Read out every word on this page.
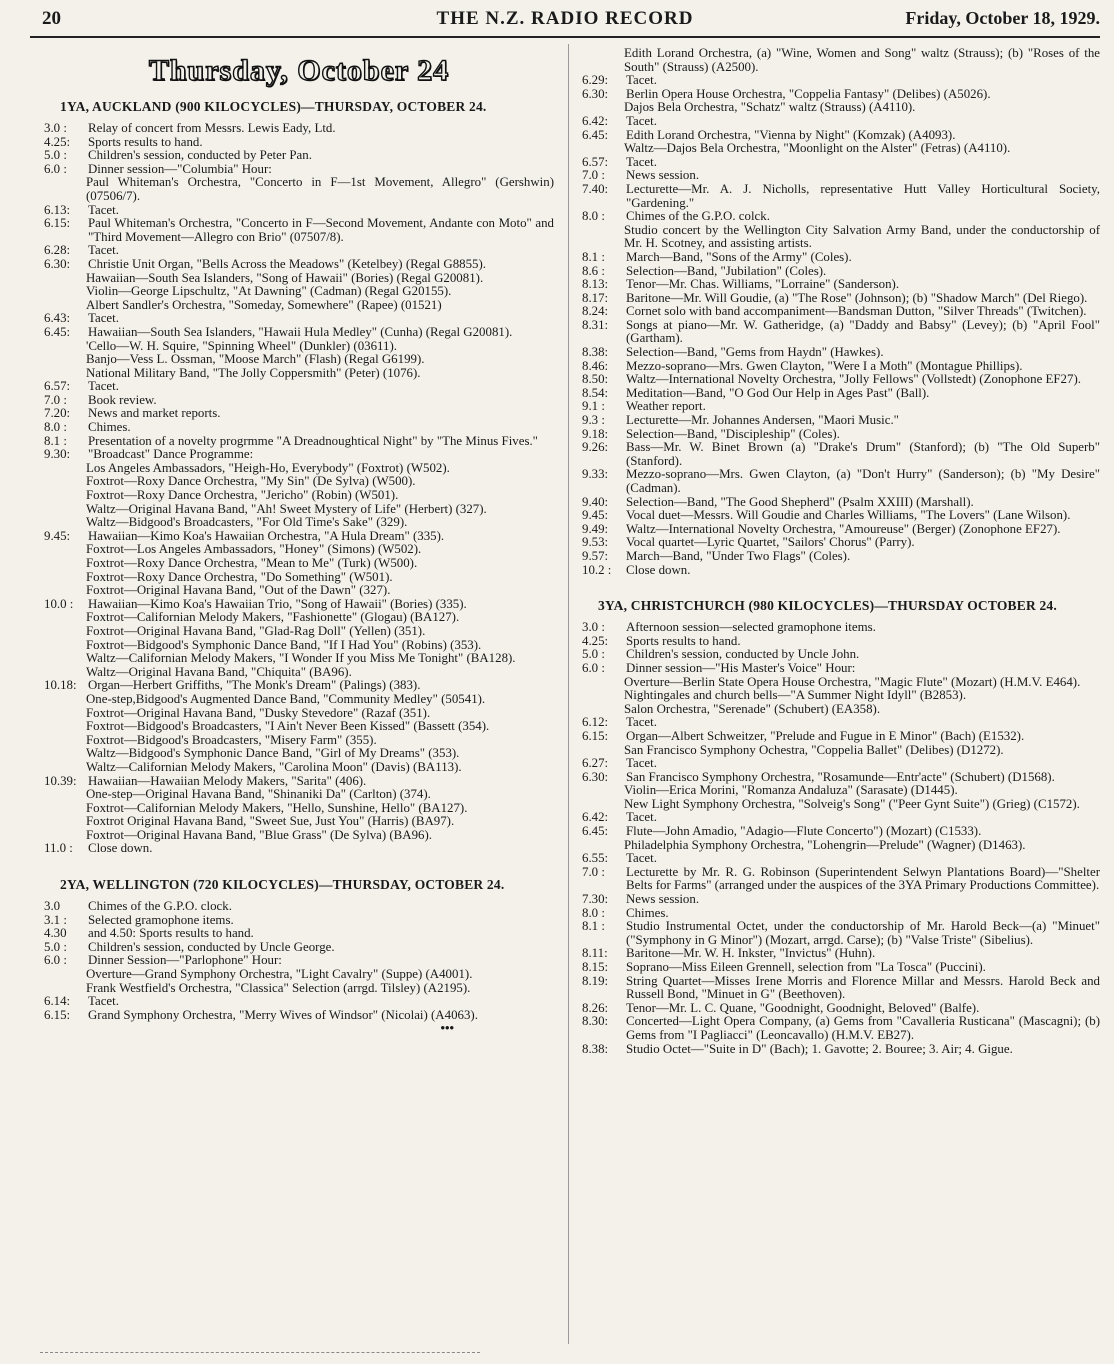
20	THE N.Z. RADIO RECORD	Friday, October 18, 1929.
Thursday, October 24
1YA, AUCKLAND (900 KILOCYCLES)—THURSDAY, OCTOBER 24.
3.0 :	Relay of concert from Messrs. Lewis Eady, Ltd.
4.25:	Sports results to hand.
5.0 :	Children's session, conducted by Peter Pan.
6.0 :	Dinner session—"Columbia" Hour:
Paul Whiteman's Orchestra, "Concerto in F—1st Movement, Allegro" (Gershwin) (07506/7).
6.13:	Tacet.
6.15:	Paul Whiteman's Orchestra, "Concerto in F—Second Movement, Andante con Moto" and "Third Movement—Allegro con Brio" (07507/8).
6.28:	Tacet.
6.30:	Christie Unit Organ, "Bells Across the Meadows" (Ketelbey) (Regal G8855).
Hawaiian—South Sea Islanders, "Song of Hawaii" (Bories) (Regal G20081).
Violin—George Lipschultz, "At Dawning" (Cadman) (Regal G20155).
Albert Sandler's Orchestra, "Someday, Somewhere" (Rapee) (01521)
6.43:	Tacet.
6.45:	Hawaiian—South Sea Islanders, "Hawaii Hula Medley" (Cunha) (Regal G20081).
'Cello—W. H. Squire, "Spinning Wheel" (Dunkler) (03611).
Banjo—Vess L. Ossman, "Moose March" (Flash) (Regal G6199).
National Military Band, "The Jolly Coppersmith" (Peter) (1076).
6.57:	Tacet.
7.0 :	Book review.
7.20:	News and market reports.
8.0 :	Chimes.
8.1 :	Presentation of a novelty progrmme "A Dreadnoughtical Night" by "The Minus Fives."
9.30:	"Broadcast" Dance Programme:
Los Angeles Ambassadors, "Heigh-Ho, Everybody" (Foxtrot) (W502).
Foxtrot—Roxy Dance Orchestra, "My Sin" (De Sylva) (W500).
Foxtrot—Roxy Dance Orchestra, "Jericho" (Robin) (W501).
Waltz—Original Havana Band, "Ah! Sweet Mystery of Life" (Herbert) (327).
Waltz—Bidgood's Broadcasters, "For Old Time's Sake" (329).
9.45:	Hawaiian—Kimo Koa's Hawaiian Orchestra, "A Hula Dream" (335).
Foxtrot—Los Angeles Ambassadors, "Honey" (Simons) (W502).
Foxtrot—Roxy Dance Orchestra, "Mean to Me" (Turk) (W500).
Foxtrot—Roxy Dance Orchestra, "Do Something" (W501).
Foxtrot—Original Havana Band, "Out of the Dawn" (327).
10.0 :	Hawaiian—Kimo Koa's Hawaiian Trio, "Song of Hawaii" (Bories) (335).
Foxtrot—Californian Melody Makers, "Fashionette" (Glogau) (BA127).
Foxtrot—Original Havana Band, "Glad-Rag Doll" (Yellen) (351).
Foxtrot—Bidgood's Symphonic Dance Band, "If I Had You" (Robins) (353).
Waltz—Californian Melody Makers, "I Wonder If you Miss Me Tonight" (BA128).
Waltz—Original Havana Band, "Chiquita" (BA96).
10.18: Organ—Herbert Griffiths, "The Monk's Dream" (Palings) (383).
One-step,Bidgood's Augmented Dance Band, "Community Medley" (50541).
Foxtrot—Original Havana Band, "Dusky Stevedore" (Razaf (351).
Foxtrot—Bidgood's Broadcasters, "I Ain't Never Been Kissed" (Bassett (354).
Foxtrot—Bidgood's Broadcasters, "Misery Farm" (355).
Waltz—Bidgood's Symphonic Dance Band, "Girl of My Dreams" (353).
Waltz—Californian Melody Makers, "Carolina Moon" (Davis) (BA113).
10.39: Hawaiian—Hawaiian Melody Makers, "Sarita" (406).
One-step—Original Havana Band, "Shinaniki Da" (Carlton) (374).
Foxtrot—Californian Melody Makers, "Hello, Sunshine, Hello" (BA127).
Foxtrot Original Havana Band, "Sweet Sue, Just You" (Harris) (BA97).
Foxtrot—Original Havana Band, "Blue Grass" (De Sylva) (BA96).
11.0 :	Close down.
2YA, WELLINGTON (720 KILOCYCLES)—THURSDAY, OCTOBER 24.
3.0	Chimes of the G.P.O. clock.
3.1 :	Selected gramophone items.
4.30	and 4.50: Sports results to hand.
5.0 :	Children's session, conducted by Uncle George.
6.0 :	Dinner Session—"Parlophone" Hour:
Overture—Grand Symphony Orchestra, "Light Cavalry" (Suppe) (A4001).
Frank Westfield's Orchestra, "Classica" Selection (arrgd. Tilsley) (A2195).
6.14:	Tacet.
6.15:	Grand Symphony Orchestra, "Merry Wives of Windsor" (Nicolai) (A4063).
•••
Edith Lorand Orchestra, (a) "Wine, Women and Song" waltz (Strauss); (b) "Roses of the South" (Strauss) (A2500).
6.29:	Tacet.
6.30:	Berlin Opera House Orchestra, "Coppelia Fantasy" (Delibes) (A5026).
Dajos Bela Orchestra, "Schatz" waltz (Strauss) (A4110).
6.42:	Tacet.
6.45:	Edith Lorand Orchestra, "Vienna by Night" (Komzak) (A4093).
Waltz—Dajos Bela Orchestra, "Moonlight on the Alster" (Fetras) (A4110).
6.57:	Tacet.
7.0 :	News session.
7.40:	Lecturette—Mr. A. J. Nicholls, representative Hutt Valley Horticultural Society, "Gardening."
8.0 :	Chimes of the G.P.O. colck.
Studio concert by the Wellington City Salvation Army Band, under the conductorship of Mr. H. Scotney, and assisting artists.
8.1 :	March—Band, "Sons of the Army" (Coles).
8.6 :	Selection—Band, "Jubilation" (Coles).
8.13:	Tenor—Mr. Chas. Williams, "Lorraine" (Sanderson).
8.17:	Baritone—Mr. Will Goudie, (a) "The Rose" (Johnson); (b) "Shadow March" (Del Riego).
8.24:	Cornet solo with band accompaniment—Bandsman Dutton, "Silver Threads" (Twitchen).
8.31:	Songs at piano—Mr. W. Gatheridge, (a) "Daddy and Babsy" (Levey); (b) "April Fool" (Gartham).
8.38:	Selection—Band, "Gems from Haydn" (Hawkes).
8.46:	Mezzo-soprano—Mrs. Gwen Clayton, "Were I a Moth" (Montague Phillips).
8.50:	Waltz—International Novelty Orchestra, "Jolly Fellows" (Vollstedt) (Zonophone EF27).
8.54:	Meditation—Band, "O God Our Help in Ages Past" (Ball).
9.1 :	Weather report.
9.3 :	Lecturette—Mr. Johannes Andersen, "Maori Music."
9.18:	Selection—Band, "Discipleship" (Coles).
9.26:	Bass—Mr. W. Binet Brown (a) "Drake's Drum" (Stanford); (b) "The Old Superb" (Stanford).
9.33:	Mezzo-soprano—Mrs. Gwen Clayton, (a) "Don't Hurry" (Sanderson); (b) "My Desire" (Cadman).
9.40:	Selection—Band, "The Good Shepherd" (Psalm XXIII) (Marshall).
9.45:	Vocal duet—Messrs. Will Goudie and Charles Williams, "The Lovers" (Lane Wilson).
9.49:	Waltz—International Novelty Orchestra, "Amoureuse" (Berger) (Zonophone EF27).
9.53:	Vocal quartet—Lyric Quartet, "Sailors' Chorus" (Parry).
9.57:	March—Band, "Under Two Flags" (Coles).
10.2 :	Close down.
3YA, CHRISTCHURCH (980 KILOCYCLES)—THURSDAY OCTOBER 24.
3.0 :	Afternoon session—selected gramophone items.
4.25:	Sports results to hand.
5.0 :	Children's session, conducted by Uncle John.
6.0 :	Dinner session—"His Master's Voice" Hour:
Overture—Berlin State Opera House Orchestra, "Magic Flute" (Mozart) (H.M.V. E464).
Nightingales and church bells—"A Summer Night Idyll" (B2853).
Salon Orchestra, "Serenade" (Schubert) (EA358).
6.12:	Tacet.
6.15:	Organ—Albert Schweitzer, "Prelude and Fugue in E Minor" (Bach) (E1532).
San Francisco Symphony Ochestra, "Coppelia Ballet" (Delibes) (D1272).
6.27:	Tacet.
6.30:	San Francisco Symphony Orchestra, "Rosamunde—Entr'acte" (Schubert) (D1568).
Violin—Erica Morini, "Romanza Andaluza" (Sarasate) (D1445).
New Light Symphony Orchestra, "Solveig's Song" ("Peer Gynt Suite") (Grieg) (C1572).
6.42:	Tacet.
6.45:	Flute—John Amadio, "Adagio—Flute Concerto") (Mozart) (C1533).
Philadelphia Symphony Orchestra, "Lohengrin—Prelude" (Wagner) (D1463).
6.55:	Tacet.
7.0 :	Lecturette by Mr. R. G. Robinson (Superintendent Selwyn Plantations Board)—"Shelter Belts for Farms" (arranged under the auspices of the 3YA Primary Productions Committee).
7.30:	News session.
8.0 :	Chimes.
8.1 :	Studio Instrumental Octet, under the conductorship of Mr. Harold Beck—(a) "Minuet" ("Symphony in G Minor") (Mozart, arrgd. Carse); (b) "Valse Triste" (Sibelius).
8.11:	Baritone—Mr. W. H. Inkster, "Invictus" (Huhn).
8.15:	Soprano—Miss Eileen Grennell, selection from "La Tosca" (Puccini).
8.19:	String Quartet—Misses Irene Morris and Florence Millar and Messrs. Harold Beck and Russell Bond, "Minuet in G" (Beethoven).
8.26:	Tenor—Mr. L. C. Quane, "Goodnight, Goodnight, Beloved" (Balfe).
8.30:	Concerted—Light Opera Company, (a) Gems from "Cavalleria Rusticana" (Mascagni); (b) Gems from "I Pagliacci" (Leoncavallo) (H.M.V. EB27).
8.38:	Studio Octet—"Suite in D" (Bach); 1. Gavotte; 2. Bouree; 3. Air; 4. Gigue.
